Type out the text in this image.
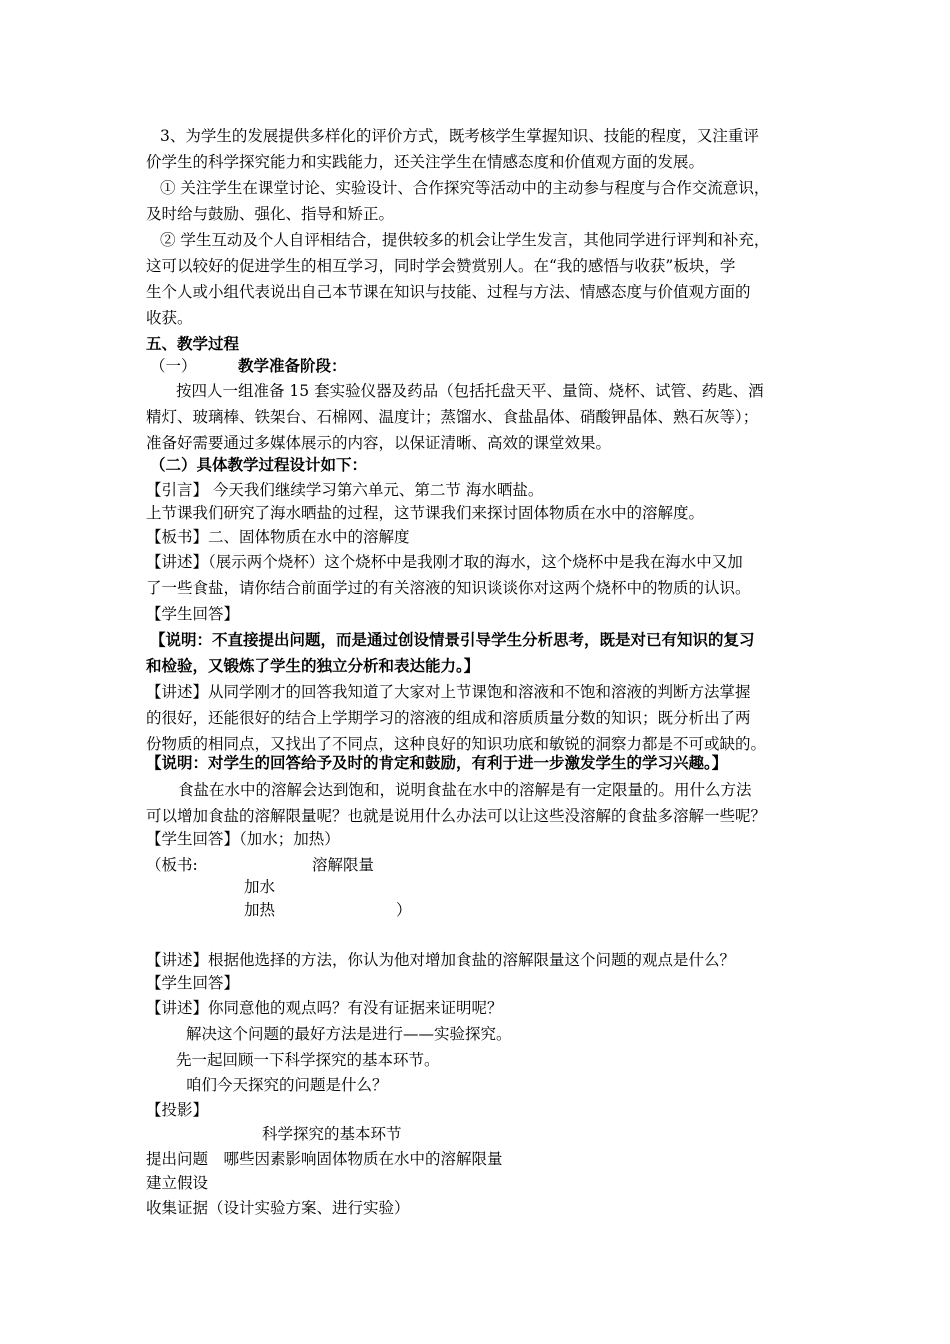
3、为学生的发展提供多样化的评价方式，既考核学生掌握知识、技能的程度，又注重评
价学生的科学探究能力和实践能力，还关注学生在情感态度和价值观方面的发展。
① 关注学生在课堂讨论、实验设计、合作探究等活动中的主动参与程度与合作交流意识，
及时给与鼓励、强化、指导和矫正。
② 学生互动及个人自评相结合，提供较多的机会让学生发言，其他同学进行评判和补充，
这可以较好的促进学生的相互学习，同时学会赞赏别人。在“我的感悟与收获”板块，学
生个人或小组代表说出自己本节课在知识与技能、过程与方法、情感态度与价值观方面的
收获。
五、教学过程
（一）	教学准备阶段：
按四人一组准备 15 套实验仪器及药品（包括托盘天平、量筒、烧杯、试管、药匙、酒
精灯、玻璃棒、铁架台、石棉网、温度计；蒸馏水、食盐晶体、硝酸钾晶体、熟石灰等）；
准备好需要通过多媒体展示的内容，以保证清晰、高效的课堂效果。
（二）具体教学过程设计如下：
【引言】 今天我们继续学习第六单元、第二节 海水晒盐。
上节课我们研究了海水晒盐的过程，这节课我们来探讨固体物质在水中的溶解度。
【板书】二、固体物质在水中的溶解度
【讲述】（展示两个烧杯）这个烧杯中是我刚才取的海水，这个烧杯中是我在海水中又加
了一些食盐，请你结合前面学过的有关溶液的知识谈谈你对这两个烧杯中的物质的认识。
【学生回答】
【说明：不直接提出问题，而是通过创设情景引导学生分析思考，既是对已有知识的复习
和检验，又锻炼了学生的独立分析和表达能力。】
【讲述】从同学刚才的回答我知道了大家对上节课饱和溶液和不饱和溶液的判断方法掌握
的很好，还能很好的结合上学期学习的溶液的组成和溶质质量分数的知识；既分析出了两
份物质的相同点，又找出了不同点，这种良好的知识功底和敏锐的洞察力都是不可或缺的。
【说明：对学生的回答给予及时的肯定和鼓励，有利于进一步激发学生的学习兴趣。】
食盐在水中的溶解会达到饱和，说明食盐在水中的溶解是有一定限量的。用什么方法
可以增加食盐的溶解限量呢？也就是说用什么办法可以让这些没溶解的食盐多溶解一些呢？
【学生回答】（加水；加热）
（板书:	溶解限量
加水
加热	）
【讲述】根据他选择的方法，你认为他对增加食盐的溶解限量这个问题的观点是什么？
【学生回答】
【讲述】你同意他的观点吗？有没有证据来证明呢？
解决这个问题的最好方法是进行——实验探究。
先一起回顾一下科学探究的基本环节。
咱们今天探究的问题是什么？
【投影】
科学探究的基本环节
提出问题　哪些因素影响固体物质在水中的溶解限量
建立假设
收集证据（设计实验方案、进行实验）
